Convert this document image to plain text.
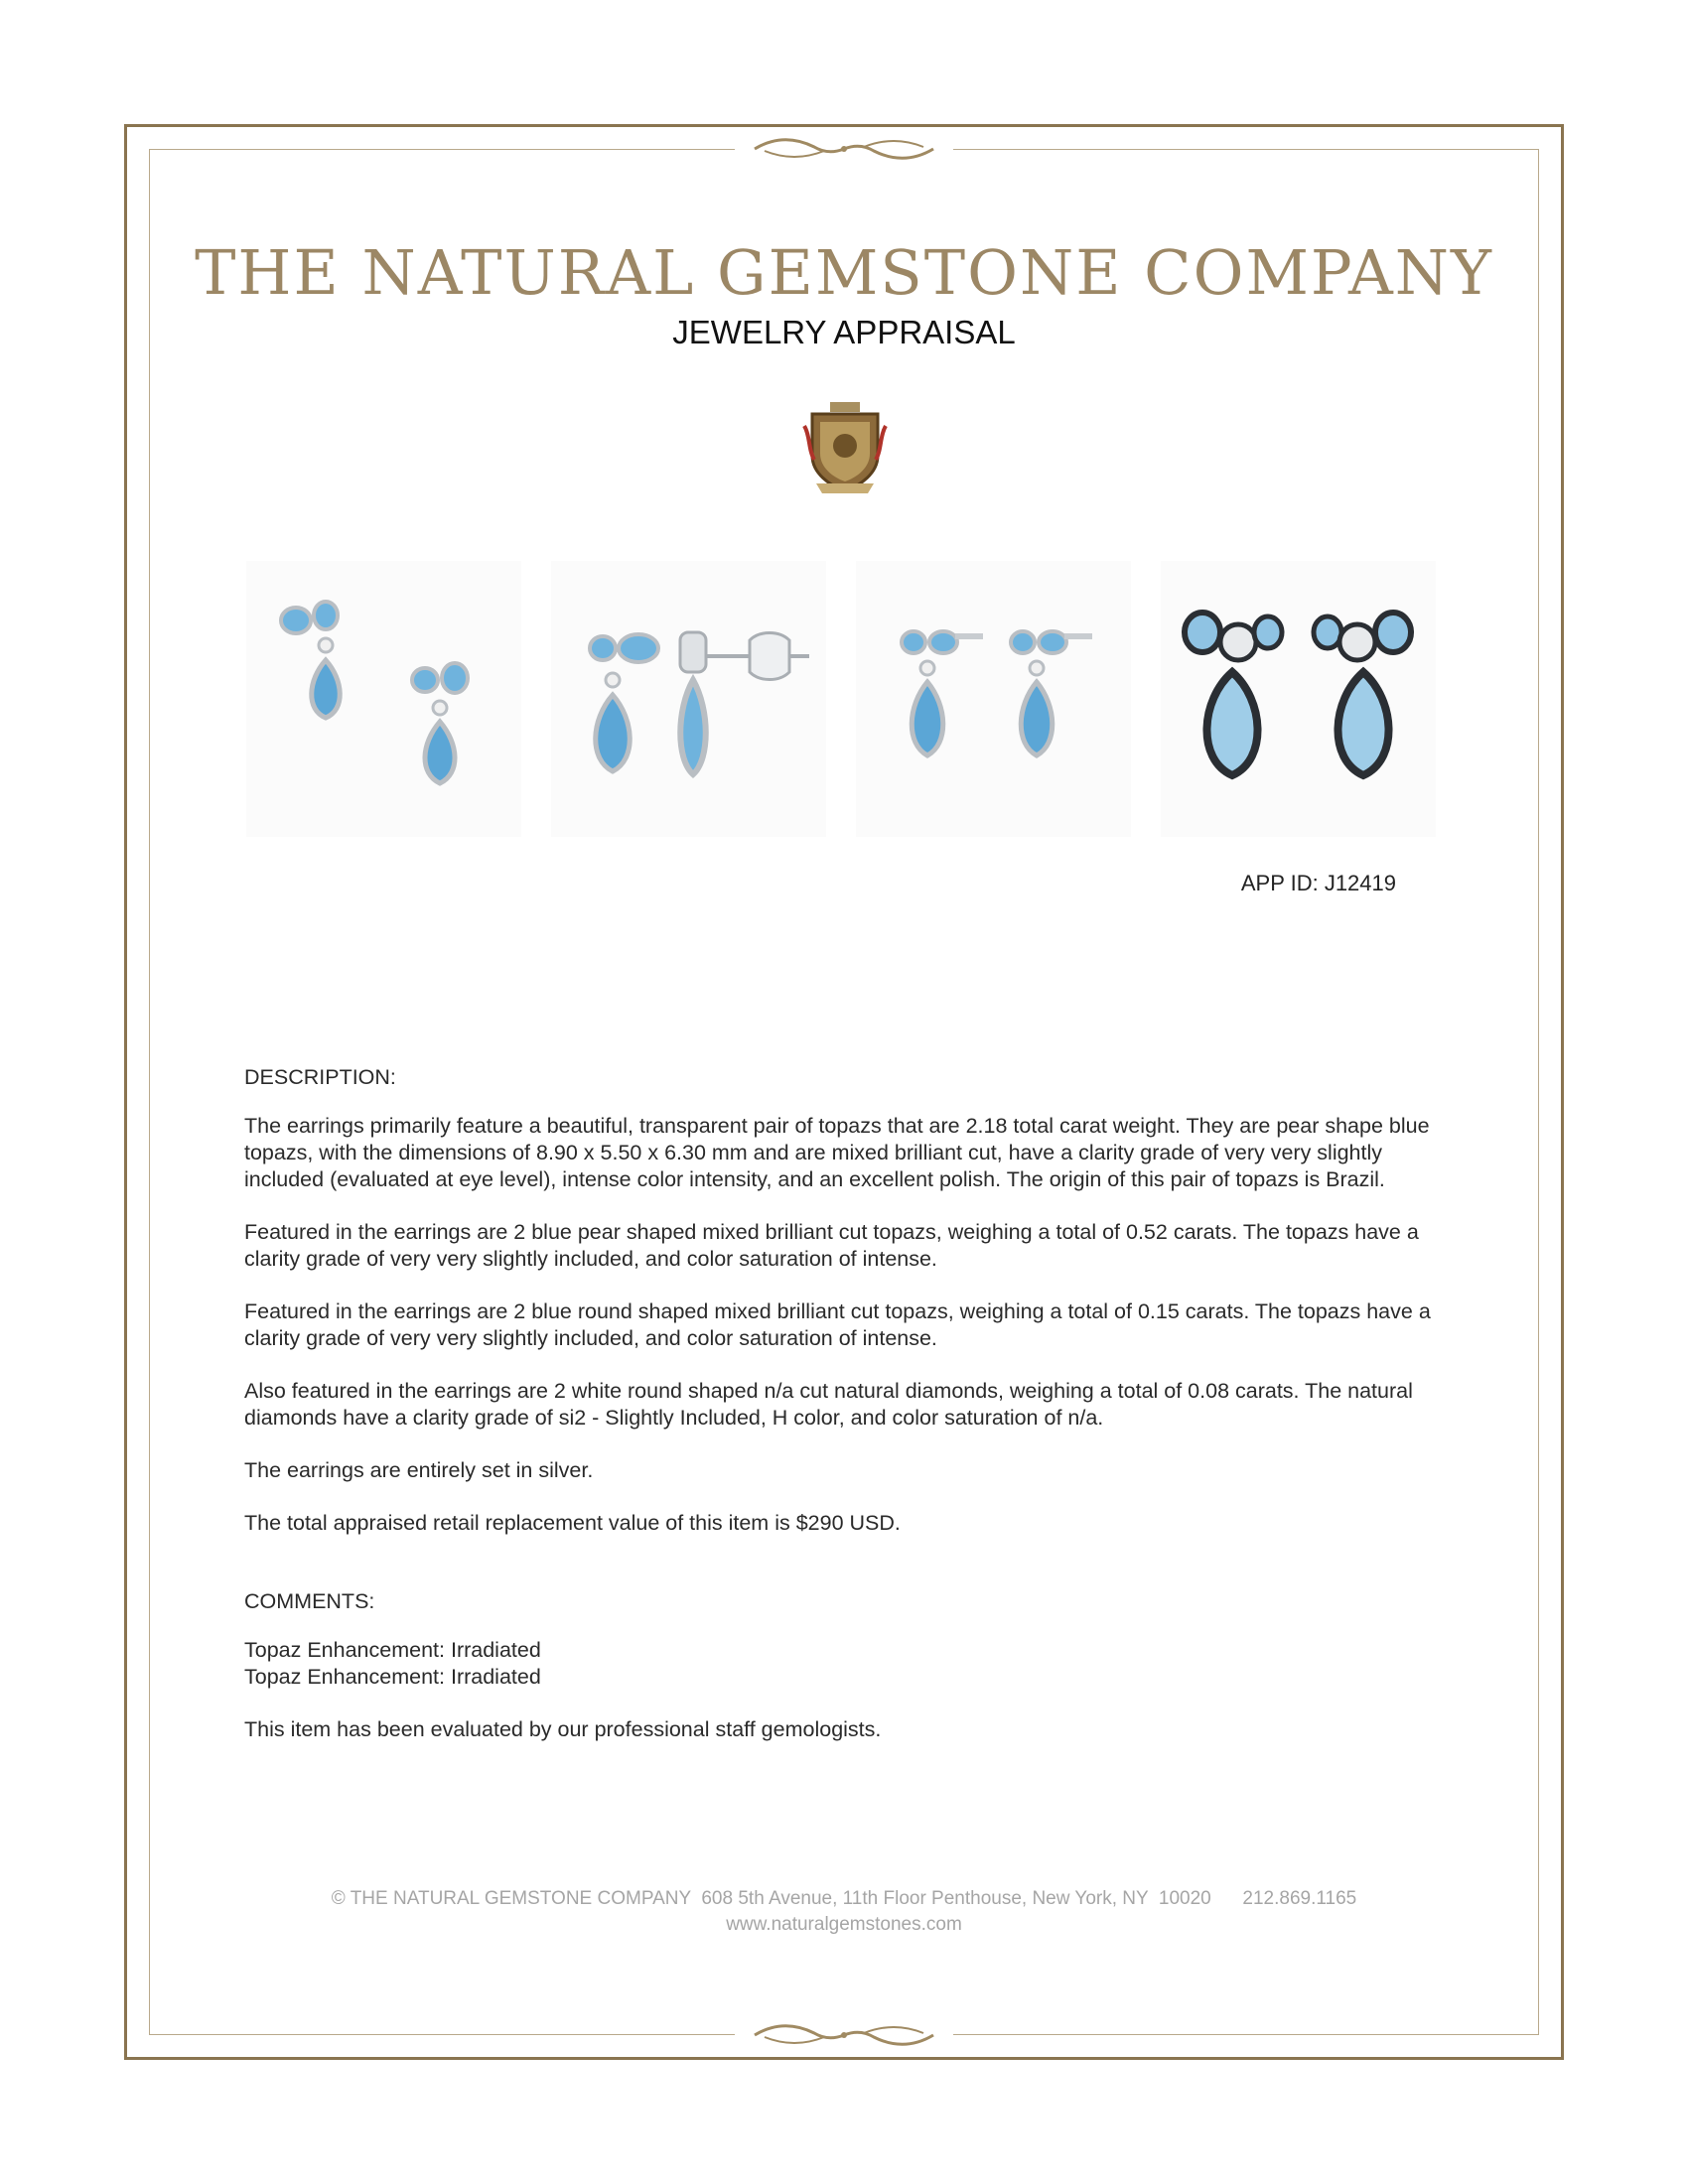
THE NATURAL GEMSTONE COMPANY
JEWELRY APPRAISAL
APP ID: J12419
DESCRIPTION:

The earrings primarily feature a beautiful, transparent pair of topazs that are 2.18 total carat weight. They are pear shape blue topazs, with the dimensions of 8.90 x 5.50 x 6.30 mm and are mixed brilliant cut, have a clarity grade of very very slightly included (evaluated at eye level), intense color intensity, and an excellent polish. The origin of this pair of topazs is Brazil.

Featured in the earrings are 2 blue pear shaped mixed brilliant cut topazs, weighing a total of 0.52 carats. The topazs have a clarity grade of very very slightly included, and color saturation of intense.

Featured in the earrings are 2 blue round shaped mixed brilliant cut topazs, weighing a total of 0.15 carats. The topazs have a clarity grade of very very slightly included, and color saturation of intense.

Also featured in the earrings are 2 white round shaped n/a cut natural diamonds, weighing a total of 0.08 carats. The natural diamonds have a clarity grade of si2 - Slightly Included, H color, and color saturation of n/a.

The earrings are entirely set in silver.

The total appraised retail replacement value of this item is $290 USD.

COMMENTS:
Topaz Enhancement: Irradiated
Topaz Enhancement: Irradiated

This item has been evaluated by our professional staff gemologists.

© THE NATURAL GEMSTONE COMPANY  608 5th Avenue, 11th Floor Penthouse, New York, NY  10020      212.869.1165
www.naturalgemstones.com
